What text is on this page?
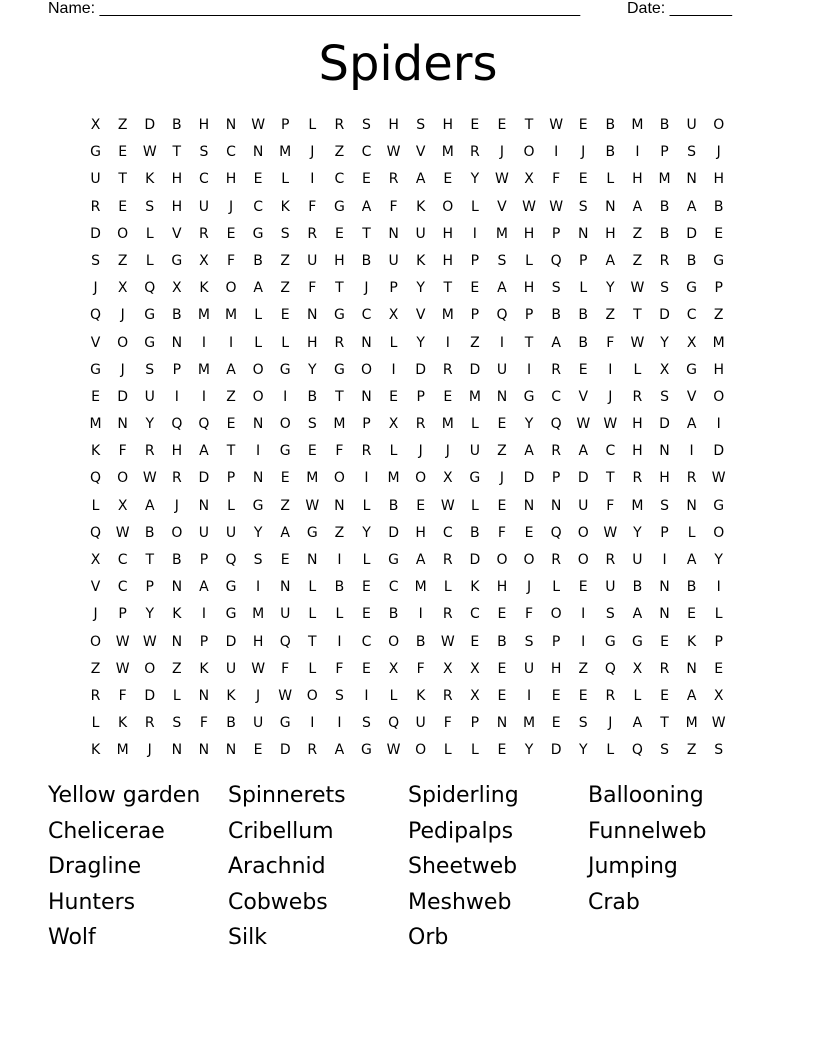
Name: ______________________________________________________

	Date: _______

Spiders
X	Z	D	B	H	N	W	P	L	R	S	H	S	H	E	E	T	W	E	B	M	B	U	O
G	E	W	T	S	C	N	M	J	Z	C	W	V	M	R	J	O	I	J	B	I	P	S	J
U	T	K	H	C	H	E	L	I	C	E	R	A	E	Y	W	X	F	E	L	H	M	N	H
R	E	S	H	U	J	C	K	F	G	A	F	K	O	L	V	W W	S	N	A	B	A	B
D	O	L	V	R	E	G	S	R	E	T	N	U	H	I	M	H	P	N	H	Z	B	D	E
S	Z	L	G	X	F	B	Z	U	H	B	U	K	H	P	S	L	Q	P	A	Z	R	B	G
J	X	Q	X	K	O	A	Z	F	T	J	P	Y	T	E	A	H	S	L	Y	W	S	G	P
Q	J	G	B	M	M	L	E	N	G	C	X	V	M	P	Q	P	B	B	Z	T	D	C	Z
V	O	G	N	I	I	L	L	H	R	N	L	Y	I	Z	I	T	A	B	F	W	Y	X	M
G	J	S	P	M	A	O	G	Y	G	O	I	D	R	D	U	I	R	E	I	L	X	G	H
E	D	U	I	I	Z	O	I	B	T	N	E	P	E	M	N	G	C	V	J	R	S	V	O
M	N	Y	Q	Q	E	N	O	S	M	P	X	R	M	L	E	Y	Q	W W	H	D	A	I
K	F	R	H	A	T	I	G	E	F	R	L	J	J	U	Z	A	R	A	C	H	N	I	D
Q	O	W	R	D	P	N	E	M	O	I	M	O	X	G	J	D	P	D	T	R	H	R	W
L	X	A	J	N	L	G	Z	W	N	L	B	E	W	L	E	N	N	U	F	M	S	N	G
Q	W	B	O	U	U	Y	A	G	Z	Y	D	H	C	B	F	E	Q	O	W	Y	P	L	O
X	C	T	B	P	Q	S	E	N	I	L	G	A	R	D	O	O	R	O	R	U	I	A	Y
V	C	P	N	A	G	I	N	L	B	E	C	M	L	K	H	J	L	E	U	B	N	B	I
J	P	Y	K	I	G	M	U	L	L	E	B	I	R	C	E	F	O	I	S	A	N	E	L
O	W W	N	P	D	H	Q	T	I	C	O	B	W	E	B	S	P	I	G	G	E	K	P
Z	W	O	Z	K	U	W	F	L	F	E	X	F	X	X	E	U	H	Z	Q	X	R	N	E
R	F	D	L	N	K	J	W	O	S	I	L	K	R	X	E	I	E	E	R	L	E	A	X
L	K	R	S	F	B	U	G	I	I	S	Q	U	F	P	N	M	E	S	J	A	T	M	W
K	M	J	N	N	N	E	D	R	A	G	W	O	L	L	E	Y	D	Y	L	Q	S	Z	S
Yellow garden	Spinnerets	Spiderling	Ballooning
Chelicerae	Cribellum	Pedipalps	Funnelweb
Dragline	Arachnid	Sheetweb	Jumping
Hunters	Cobwebs	Meshweb	Crab
Wolf	Silk	Orb
